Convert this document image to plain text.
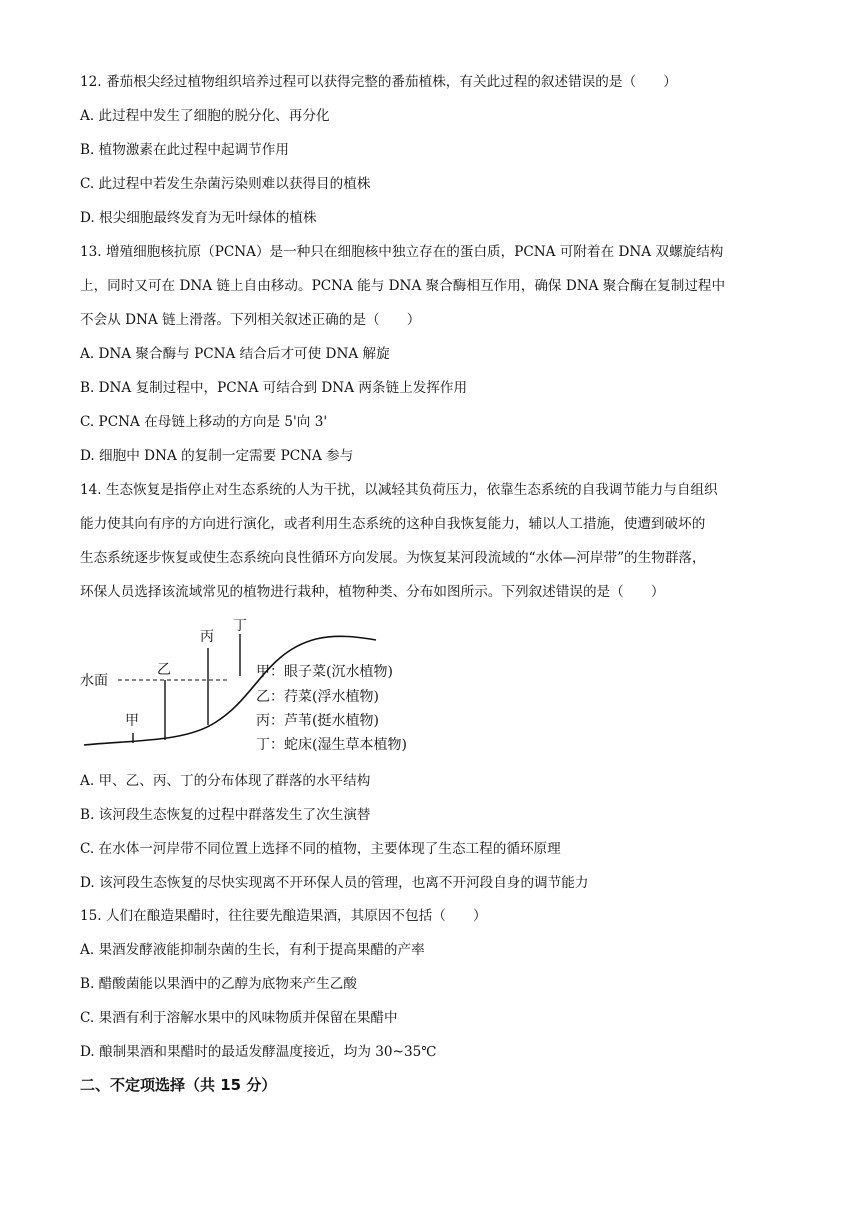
12. 番茄根尖经过植物组织培养过程可以获得完整的番茄植株，有关此过程的叙述错误的是（　　）
A. 此过程中发生了细胞的脱分化、再分化
B. 植物激素在此过程中起调节作用
C. 此过程中若发生杂菌污染则难以获得目的植株
D. 根尖细胞最终发育为无叶绿体的植株
13. 增殖细胞核抗原（PCNA）是一种只在细胞核中独立存在的蛋白质，PCNA 可附着在 DNA 双螺旋结构
上，同时又可在 DNA 链上自由移动。PCNA 能与 DNA 聚合酶相互作用，确保 DNA 聚合酶在复制过程中
不会从 DNA 链上滑落。下列相关叙述正确的是（　　）
A. DNA 聚合酶与 PCNA 结合后才可使 DNA 解旋
B. DNA 复制过程中，PCNA 可结合到 DNA 两条链上发挥作用
C. PCNA 在母链上移动的方向是 5'向 3'
D. 细胞中 DNA 的复制一定需要 PCNA 参与
14. 生态恢复是指停止对生态系统的人为干扰，以减轻其负荷压力，依靠生态系统的自我调节能力与自组织
能力使其向有序的方向进行演化，或者利用生态系统的这种自我恢复能力，辅以人工措施，使遭到破坏的
生态系统逐步恢复或使生态系统向良性循环方向发展。为恢复某河段流域的“水体—河岸带”的生物群落，
环保人员选择该流域常见的植物进行栽种，植物种类、分布如图所示。下列叙述错误的是（　　）
水面
甲
乙
丙
丁
甲：眼子菜(沉水植物)
乙：荇菜(浮水植物)
丙：芦苇(挺水植物)
丁：蛇床(湿生草本植物)
A. 甲、乙、丙、丁的分布体现了群落的水平结构
B. 该河段生态恢复的过程中群落发生了次生演替
C. 在水体一河岸带不同位置上选择不同的植物，主要体现了生态工程的循环原理
D. 该河段生态恢复的尽快实现离不开环保人员的管理，也离不开河段自身的调节能力
15. 人们在酿造果醋时，往往要先酿造果酒，其原因不包括（　　）
A. 果酒发酵液能抑制杂菌的生长，有利于提高果醋的产率
B. 醋酸菌能以果酒中的乙醇为底物来产生乙酸
C. 果酒有利于溶解水果中的风味物质并保留在果醋中
D. 酿制果酒和果醋时的最适发酵温度接近，均为 30~35℃
二、不定项选择（共 15 分）
